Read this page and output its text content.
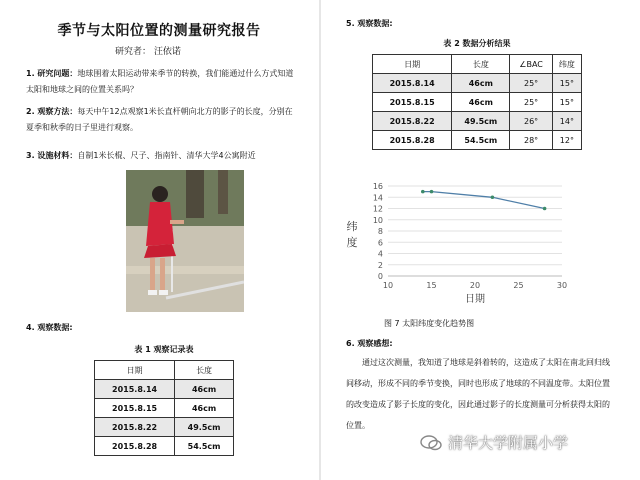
季节与太阳位置的测量研究报告
研究者： 汪依诺
1. 研究问题：地球围着太阳运动带来季节的转换，我们能通过什么方式知道太阳和地球之间的位置关系吗？
2. 观察方法：每天中午12点观察1米长直杆朝向北方的影子的长度，分别在夏季和秋季的日子里进行观察。
3. 设施材料：自制1米长棍、尺子、指南针、清华大学4公寓附近
4. 观察数据:
表 1 观察记录表
日期	长度
2015.8.14	46cm
2015.8.15	46cm
2015.8.22	49.5cm
2015.8.28	54.5cm
5. 观察数据:
表 2 数据分析结果
日期	长度	∠BAC	纬度
2015.8.14	46cm	25°	15°
2015.8.15	46cm	25°	15°
2015.8.22	49.5cm	26°	14°
2015.8.28	54.5cm	28°	12°
0
2
4
6
8
10
12
14
16
10	15	20	25	30
日期
纬
度
图 7 太阳纬度变化趋势图
6. 观察感想:
通过这次测量，我知道了地球是斜着转的，这造成了太阳在南北回归线间移动，形成不同的季节变换，同时也形成了地球的不同温度带。太阳位置的改变造成了影子长度的变化，因此通过影子的长度测量可分析获得太阳的位置。
清华大学附属小学
